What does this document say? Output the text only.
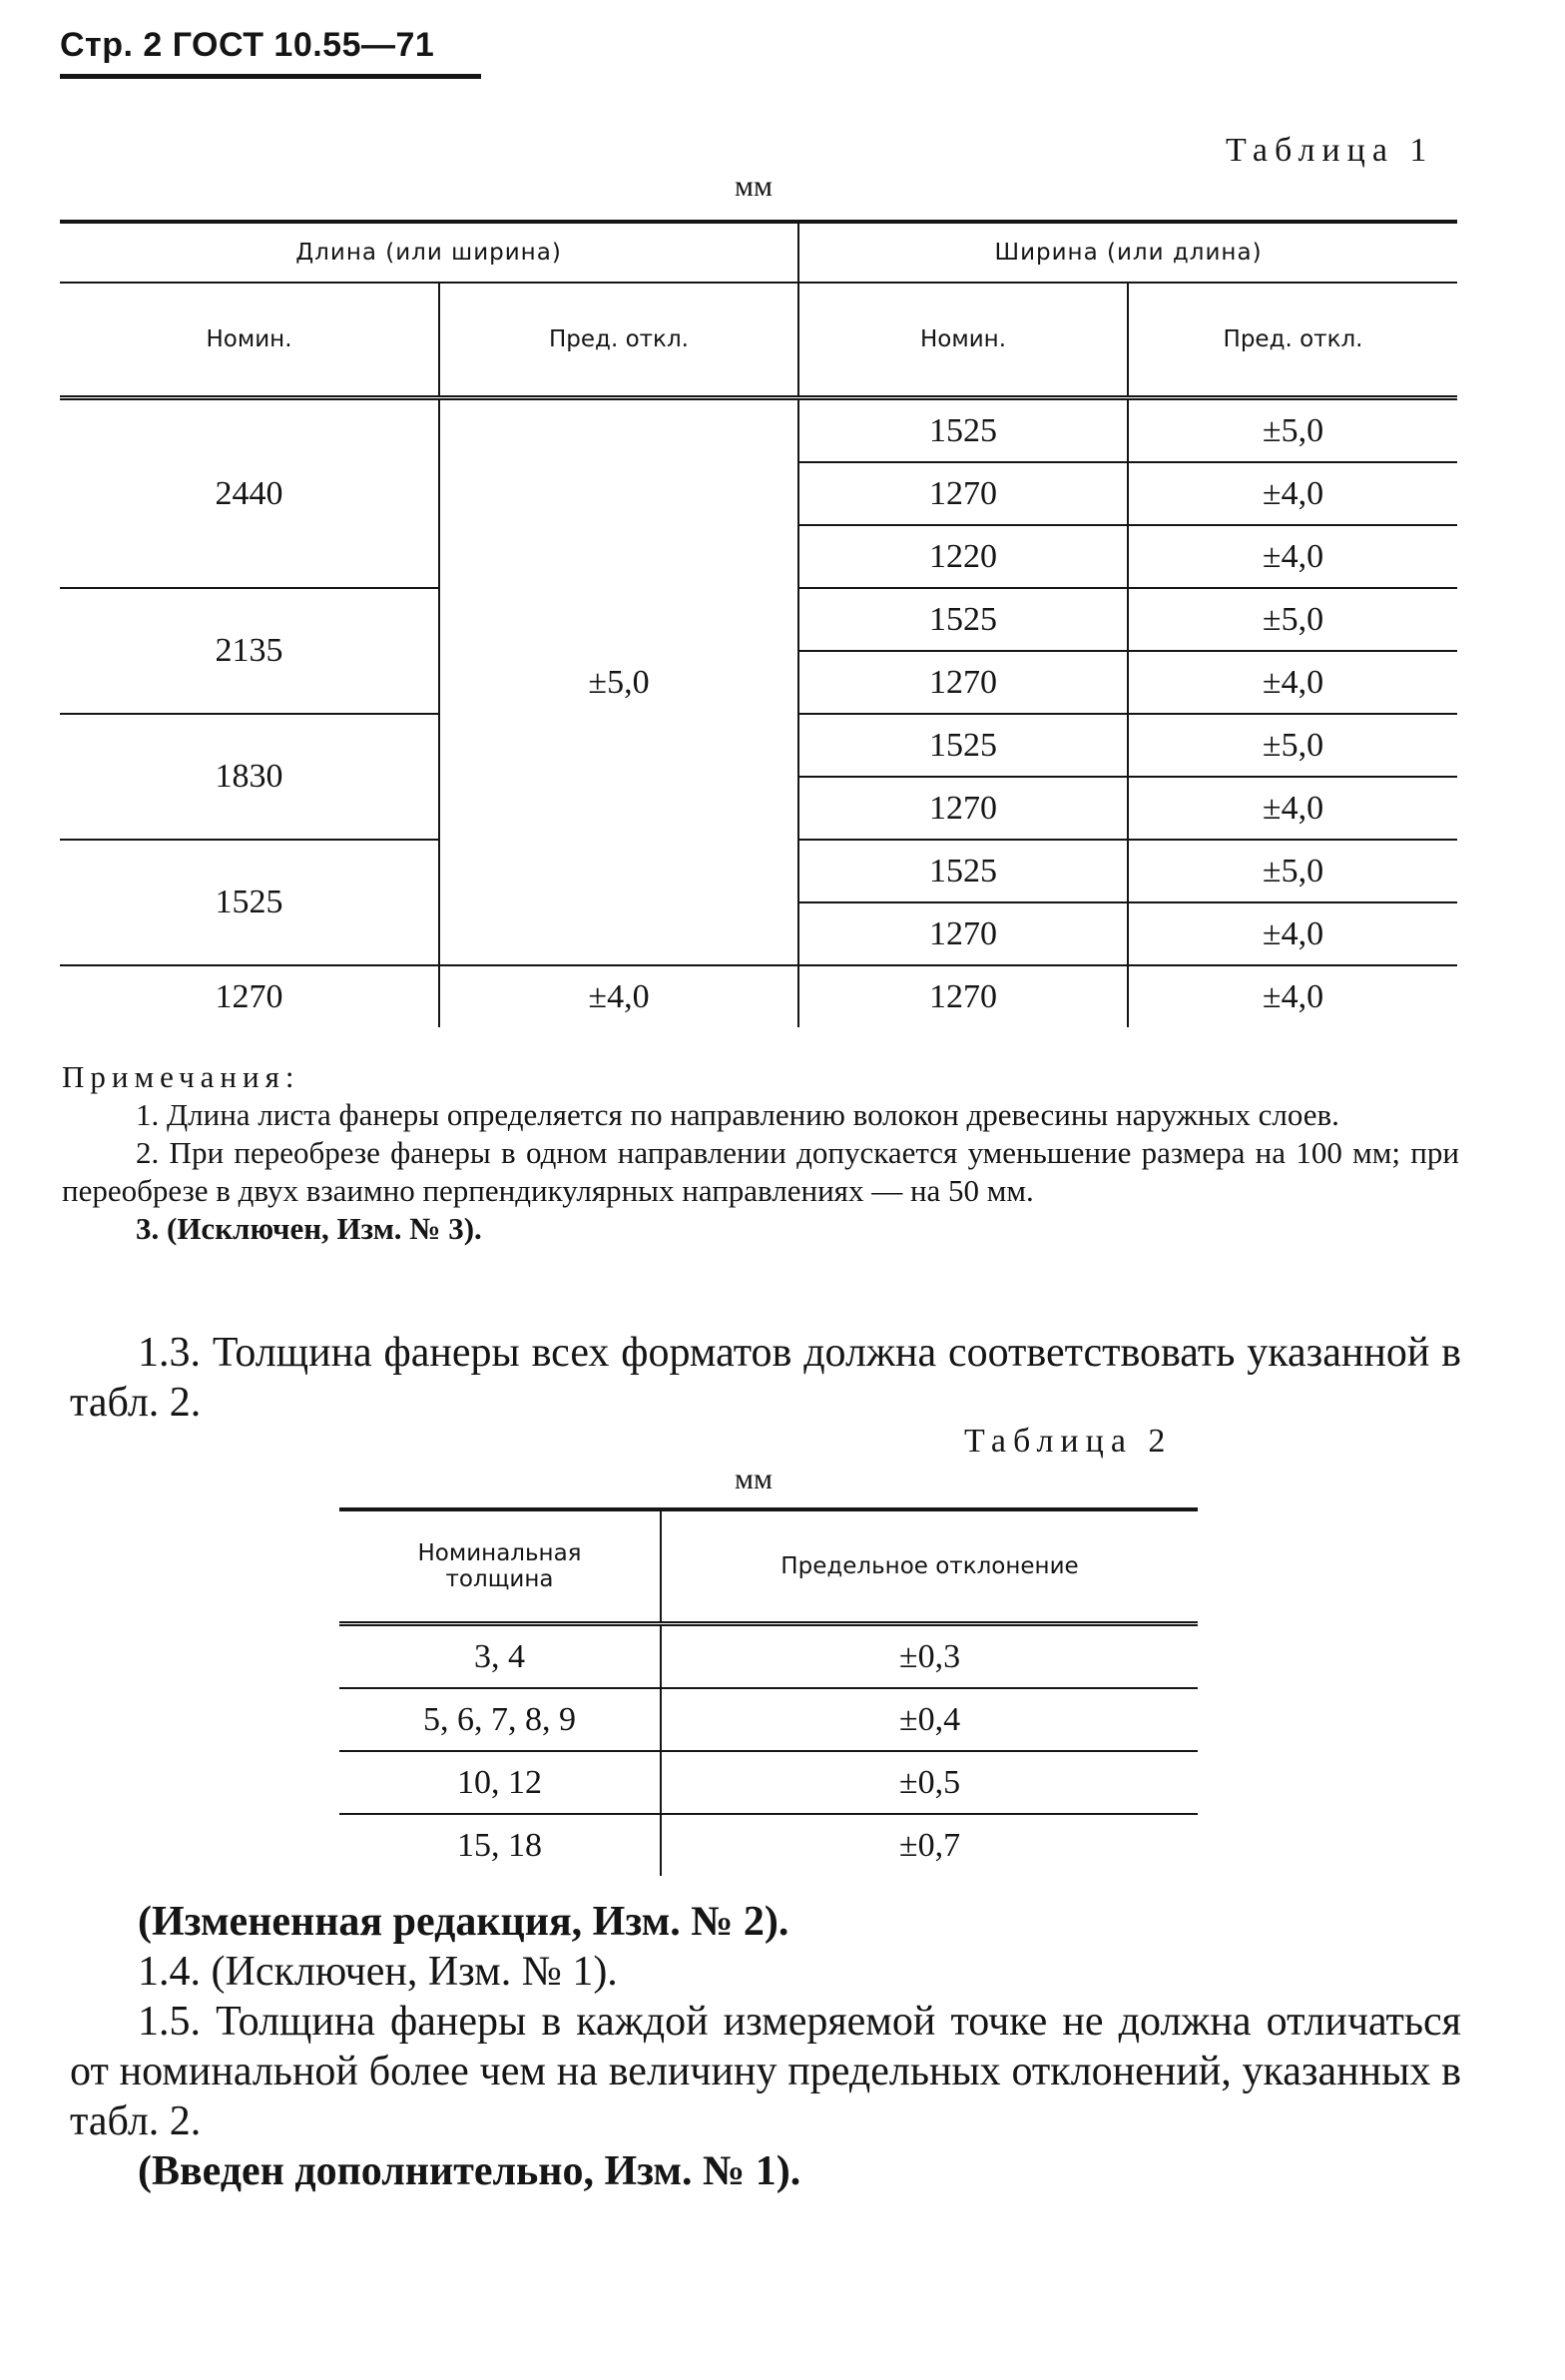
Стр. 2 ГОСТ 10.55—71
Таблица 1
мм
Длина (или ширина)		Ширина (или длина)	
Номин.	Пред. откл.	Номин.	Пред. откл.
2440	±5,0	1525	±5,0
		1270	±4,0
		1220	±4,0
2135		1525	±5,0
		1270	±4,0
1830		1525	±5,0
		1270	±4,0
1525		1525	±5,0
		1270	±4,0
1270	±4,0	1270	±4,0

Примечания:

1. Длина листа фанеры определяется по направлению волокон древесины наружных слоев.

2. При переобрезе фанеры в одном направлении допускается уменьшение размера на 100 мм; при переобрезе в двух взаимно перпендикулярных направлениях — на 50 мм.

3. (Исключен, Изм. № 3).

1.3. Толщина фанеры всех форматов должна соответствовать указанной в табл. 2.
Таблица 2
мм
Номинальная
толщина	Предельное отклонение
3, 4	±0,3
5, 6, 7, 8, 9	±0,4
10, 12	±0,5
15, 18	±0,7

(Измененная редакция, Изм. № 2).

1.4. (Исключен, Изм. № 1).

1.5. Толщина фанеры в каждой измеряемой точке не должна отличаться от номинальной более чем на величину предельных отклонений, указанных в табл. 2.

(Введен дополнительно, Изм. № 1).
